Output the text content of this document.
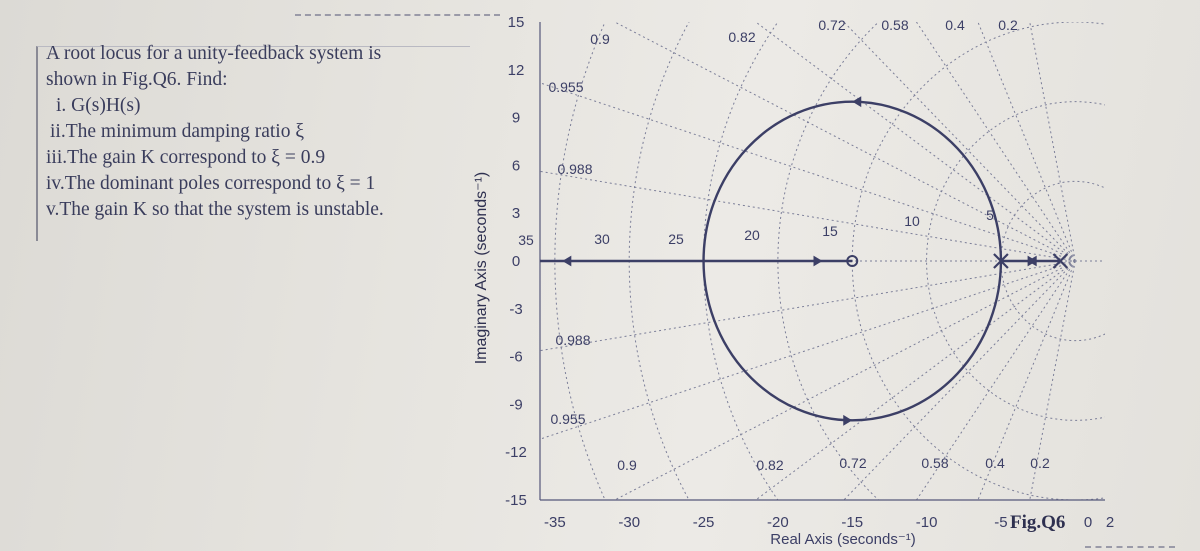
A root locus for a unity-feedback system is
shown in Fig.Q6. Find:
i. G(s)H(s)
ii.The minimum damping ratio ξ
iii.The gain K correspond to ξ = 0.9
iv.The dominant poles correspond to ξ = 1
v.The gain K so that the system is unstable.	Imaginary Axis (seconds⁻¹)
15
12
9
6
3
0
-3
-6
-9
-12
-15
-35	-30	-25	-20	-15	-10	-5	0 2
Real Axis (seconds⁻¹)
0.9
0.955
0.988
0.82
0.72	0.58	0.4 0.2
0.988
0.955
0.9	0.82	0.72	0.58	0.4 0.2
35	30	25	20	15
10	5
Fig.Q6
